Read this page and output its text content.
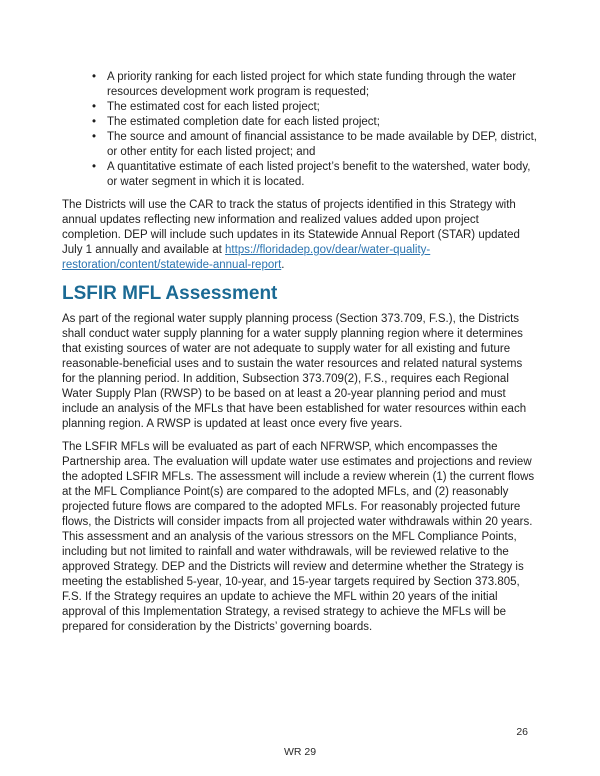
• A priority ranking for each listed project for which state funding through the water resources development work program is requested;
• The estimated cost for each listed project;
• The estimated completion date for each listed project;
• The source and amount of financial assistance to be made available by DEP, district, or other entity for each listed project; and
• A quantitative estimate of each listed project’s benefit to the watershed, water body, or water segment in which it is located.

The Districts will use the CAR to track the status of projects identified in this Strategy with annual updates reflecting new information and realized values added upon project completion. DEP will include such updates in its Statewide Annual Report (STAR) updated July 1 annually and available at https://floridadep.gov/dear/water-quality-restoration/content/statewide-annual-report.

LSFIR MFL Assessment

As part of the regional water supply planning process (Section 373.709, F.S.), the Districts shall conduct water supply planning for a water supply planning region where it determines that existing sources of water are not adequate to supply water for all existing and future reasonable-beneficial uses and to sustain the water resources and related natural systems for the planning period. In addition, Subsection 373.709(2), F.S., requires each Regional Water Supply Plan (RWSP) to be based on at least a 20-year planning period and must include an analysis of the MFLs that have been established for water resources within each planning region. A RWSP is updated at least once every five years.

The LSFIR MFLs will be evaluated as part of each NFRWSP, which encompasses the Partnership area. The evaluation will update water use estimates and projections and review the adopted LSFIR MFLs. The assessment will include a review wherein (1) the current flows at the MFL Compliance Point(s) are compared to the adopted MFLs, and (2) reasonably projected future flows are compared to the adopted MFLs. For reasonably projected future flows, the Districts will consider impacts from all projected water withdrawals within 20 years.  This assessment and an analysis of the various stressors on the MFL Compliance Points, including but not limited to rainfall and water withdrawals, will be reviewed relative to the approved Strategy. DEP and the Districts will review and determine whether the Strategy is meeting the established 5-year, 10-year, and 15-year targets required by Section 373.805, F.S. If the Strategy requires an update to achieve the MFL within 20 years of the initial approval of this Implementation Strategy, a revised strategy to achieve the MFLs will be prepared for consideration by the Districts’ governing boards.

26
WR 29
